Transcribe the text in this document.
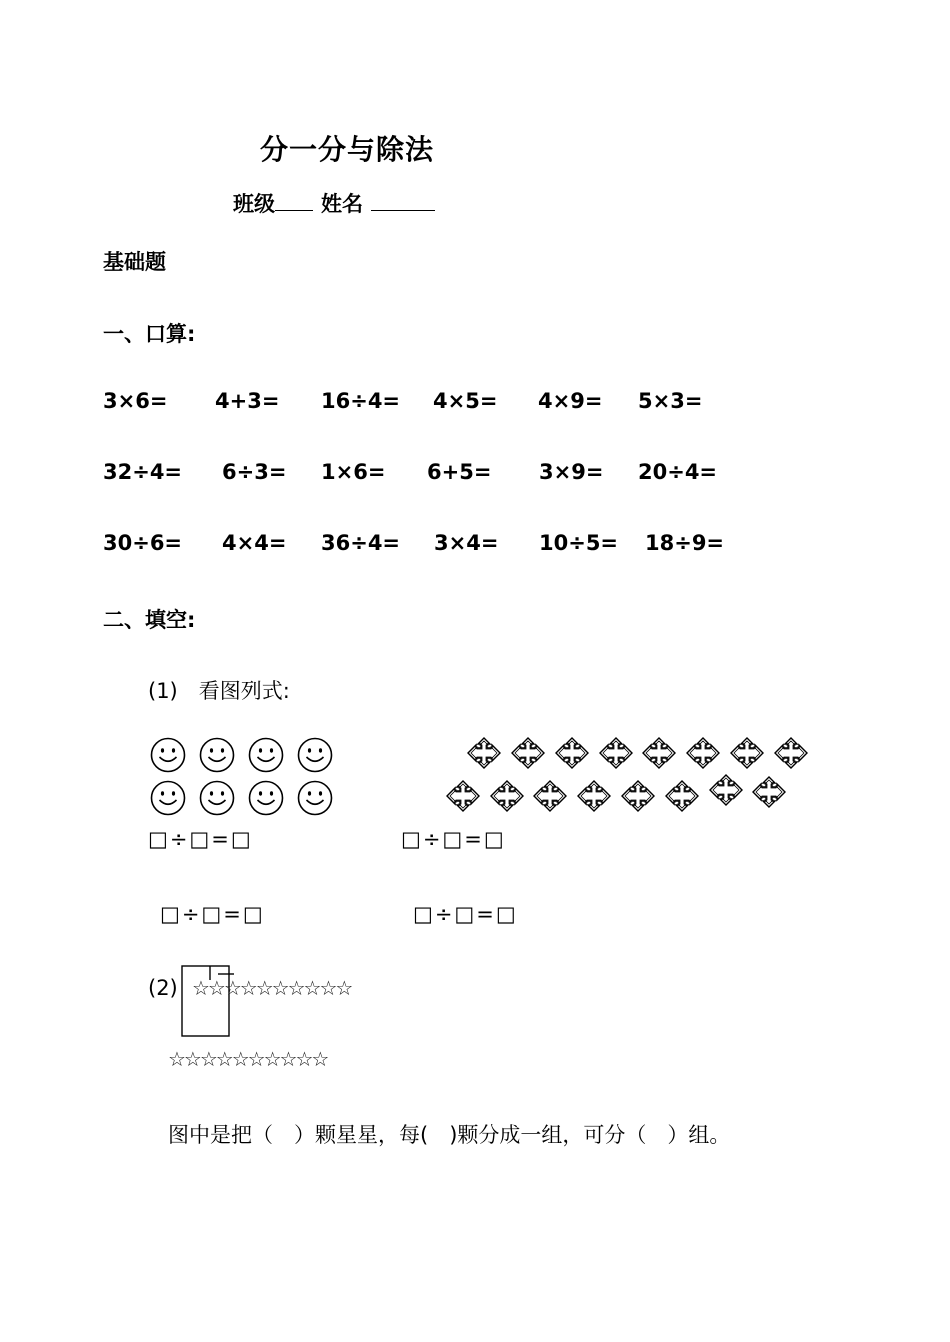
分一分与除法
班级 姓名
基础题
一、口算:
3×6= 4+3= 16÷4= 4×5= 4×9= 5×3=
32÷4= 6÷3= 1×6= 6+5= 3×9= 20÷4=
30÷6= 4×4= 36÷4= 3×4= 10÷5= 18÷9=
二、填空:
(1)　看图列式:
□÷□=□	□÷□=□
□÷□=□	□÷□=□
(2) ☆☆☆☆☆☆☆☆☆☆
☆☆☆☆☆☆☆☆☆☆
图中是把（　）颗星星，每(　)颗分成一组，可分（　）组。
